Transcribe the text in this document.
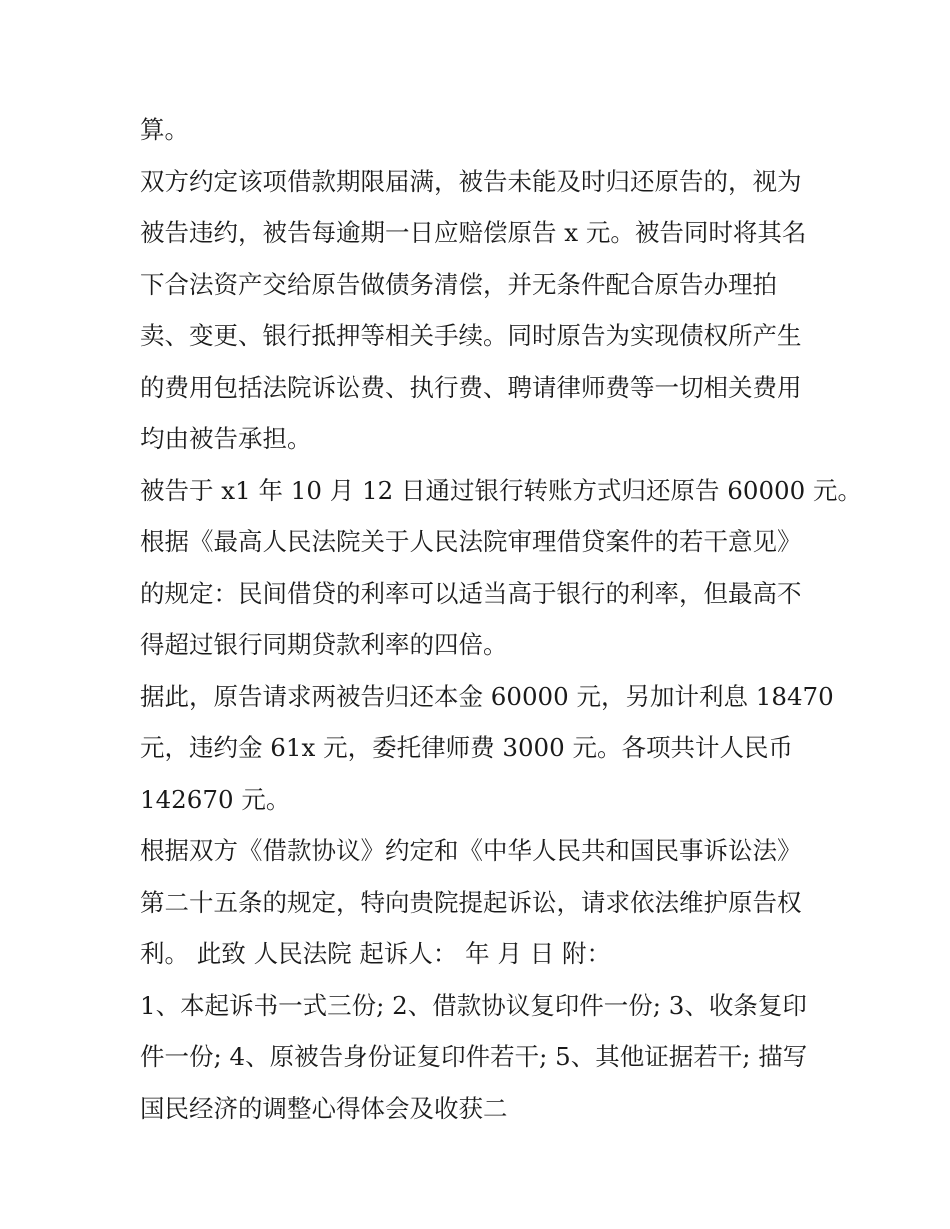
算。
双方约定该项借款期限届满，被告未能及时归还原告的，视为
被告违约，被告每逾期一日应赔偿原告 x 元。被告同时将其名
下合法资产交给原告做债务清偿，并无条件配合原告办理拍
卖、变更、银行抵押等相关手续。同时原告为实现债权所产生
的费用包括法院诉讼费、执行费、聘请律师费等一切相关费用
均由被告承担。
被告于 x1 年 10 月 12 日通过银行转账方式归还原告 60000 元。
根据《最高人民法院关于人民法院审理借贷案件的若干意见》
的规定：民间借贷的利率可以适当高于银行的利率，但最高不
得超过银行同期贷款利率的四倍。
据此，原告请求两被告归还本金 60000 元，另加计利息 18470
元，违约金 61x 元，委托律师费 3000 元。各项共计人民币
142670 元。
根据双方《借款协议》约定和《中华人民共和国民事诉讼法》
第二十五条的规定，特向贵院提起诉讼，请求依法维护原告权
利。 此致 人民法院 起诉人： 年 月 日 附：
1、本起诉书一式三份; 2、借款协议复印件一份; 3、收条复印
件一份; 4、原被告身份证复印件若干; 5、其他证据若干; 描写
国民经济的调整心得体会及收获二
